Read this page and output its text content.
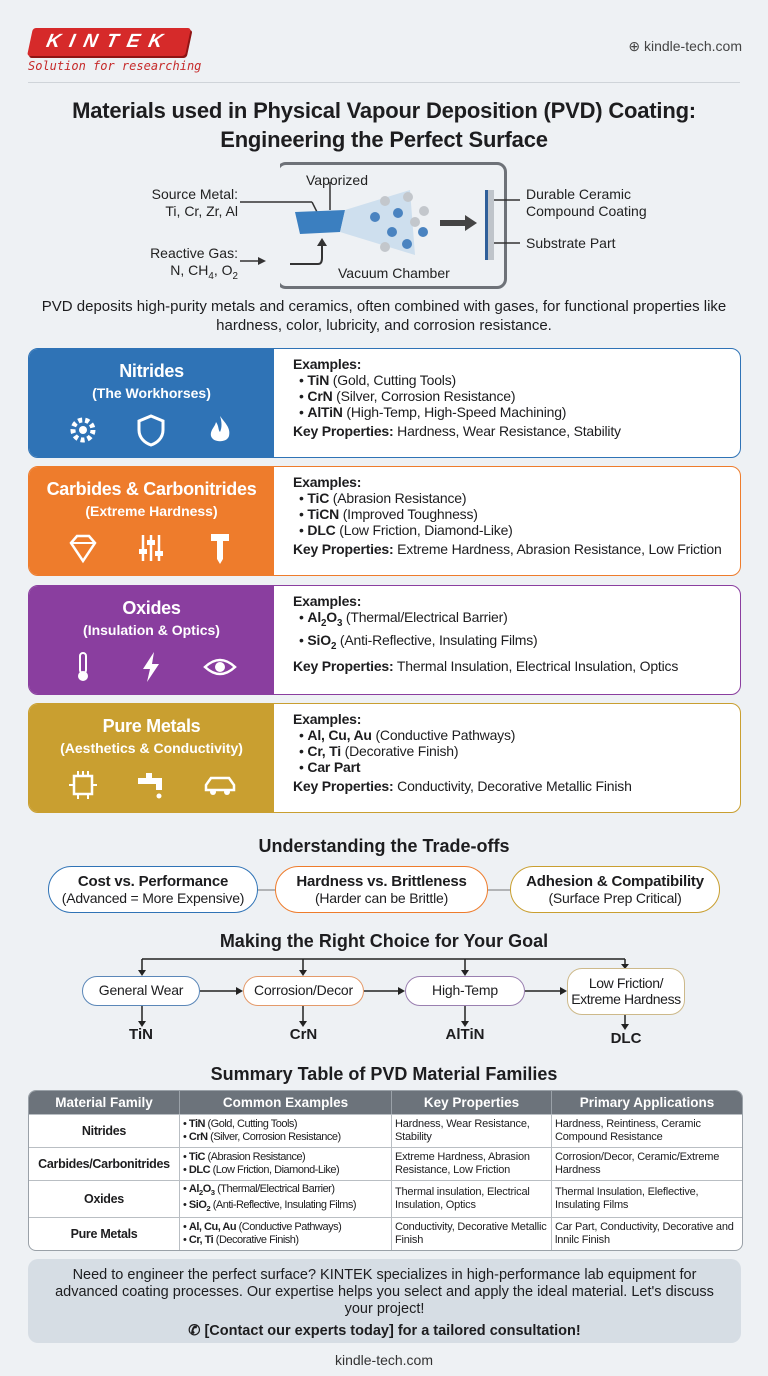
KINTEK
Solution for researching
⊕ kindle-tech.com
Materials used in Physical Vapour Deposition (PVD) Coating:
Engineering the Perfect Surface
Source Metal:
Ti, Cr, Zr, Al
Reactive Gas:
N, $CH_4$, $O_2$
Vaporized
Vacuum Chamber
Durable Ceramic
Compound Coating
Substrate Part
PVD deposits high-purity metals and ceramics, often combined with gases, for functional properties like hardness, color, lubricity, and corrosion resistance.
Nitrides
(The Workhorses)
Examples:
• TiN (Gold, Cutting Tools)
• CrN (Silver, Corrosion Resistance)
• AlTiN (High-Temp, High-Speed Machining)
Key Properties: Hardness, Wear Resistance, Stability
Carbides & Carbonitrides
(Extreme Hardness)
Examples:
• TiC (Abrasion Resistance)
• TiCN (Improved Toughness)
• DLC (Low Friction, Diamond-Like)
Key Properties: Extreme Hardness, Abrasion Resistance, Low Friction
Oxides
(Insulation & Optics)
Examples:
• $Al_2O_3$ (Thermal/Electrical Barrier)
• SiO$_2$ (Anti-Reflective, Insulating Films)
Key Properties: Thermal Insulation, Electrical Insulation, Optics
Pure Metals
(Aesthetics & Conductivity)
Examples:
• Al, Cu, Au (Conductive Pathways)
• Cr, Ti (Decorative Finish)
• Car Part
Key Properties: Conductivity, Decorative Metallic Finish
Understanding the Trade-offs
Cost vs. Performance
(Advanced = More Expensive)
Hardness vs. Brittleness
(Harder can be Brittle)
Adhesion & Compatibility
(Surface Prep Critical)
Making the Right Choice for Your Goal
General Wear
TiN
Corrosion/Decor
CrN
High-Temp
AlTiN
Low Friction/ Extreme Hardness
DLC
Summary Table of PVD Material Families
Material Family	Common Examples	Key Properties	Primary Applications
Nitrides	• TiN (Gold, Cutting Tools)
• CrN (Silver, Corrosion Resistance)	Hardness, Wear Resistance, Stability	Hardness, Reintiness, Ceramic Compound Resistance
Carbides/Carbonitrides	• TiC (Abrasion Resistance)
• DLC (Low Friction, Diamond-Like)	Extreme Hardness, Abrasion Resistance, Low Friction	Corrosion/Decor, Ceramic/Extreme Hardness
Oxides	• $Al_2O_3$ (Thermal/Electrical Barrier)
• SiO$_2$ (Anti-Reflective, Insulating Films)	Thermal insulation, Electrical Insulation, Optics	Thermal Insulation, Eleflective, Insulating Films
Pure Metals	• Al, Cu, Au (Conductive Pathways)
• Cr, Ti (Decorative Finish)	Conductivity, Decorative Metallic Finish	Car Part, Conductivity, Decorative and lnnilc Finish
Need to engineer the perfect surface? KINTEK specializes in high-performance lab equipment for advanced coating processes. Our expertise helps you select and apply the ideal material. Let's discuss your project!
✆ [Contact our experts today] for a tailored consultation!
kindle-tech.com
